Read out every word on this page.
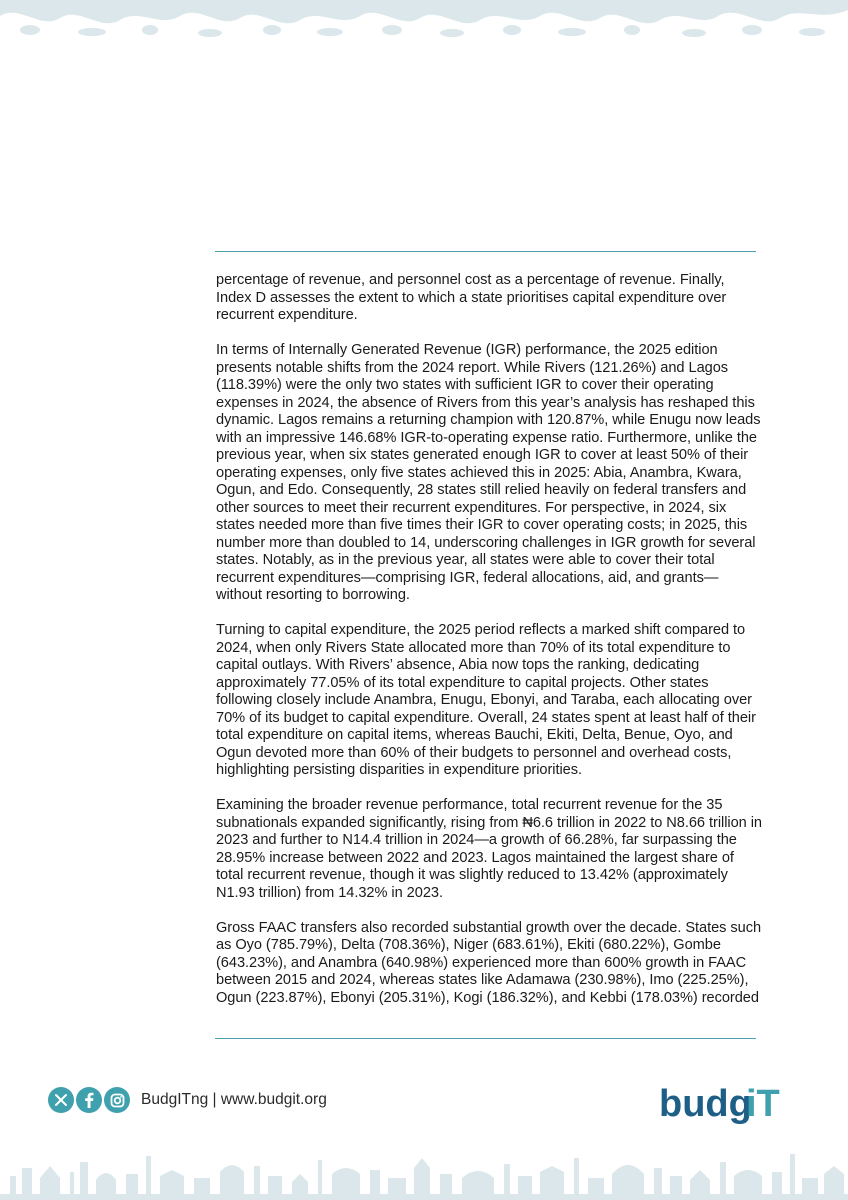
percentage of revenue, and personnel cost as a percentage of revenue. Finally, Index D assesses the extent to which a state prioritises capital expenditure over recurrent expenditure.

In terms of Internally Generated Revenue (IGR) performance, the 2025 edition presents notable shifts from the 2024 report. While Rivers (121.26%) and Lagos (118.39%) were the only two states with sufficient IGR to cover their operating expenses in 2024, the absence of Rivers from this year’s analysis has reshaped this dynamic. Lagos remains a returning champion with 120.87%, while Enugu now leads with an impressive 146.68% IGR-to-operating expense ratio. Furthermore, unlike the previous year, when six states generated enough IGR to cover at least 50% of their operating expenses, only five states achieved this in 2025: Abia, Anambra, Kwara, Ogun, and Edo. Consequently, 28 states still relied heavily on federal transfers and other sources to meet their recurrent expenditures. For perspective, in 2024, six states needed more than five times their IGR to cover operating costs; in 2025, this number more than doubled to 14, underscoring challenges in IGR growth for several states. Notably, as in the previous year, all states were able to cover their total recurrent expenditures—comprising IGR, federal allocations, aid, and grants—without resorting to borrowing.

Turning to capital expenditure, the 2025 period reflects a marked shift compared to 2024, when only Rivers State allocated more than 70% of its total expenditure to capital outlays. With Rivers’ absence, Abia now tops the ranking, dedicating approximately 77.05% of its total expenditure to capital projects. Other states following closely include Anambra, Enugu, Ebonyi, and Taraba, each allocating over 70% of its budget to capital expenditure. Overall, 24 states spent at least half of their total expenditure on capital items, whereas Bauchi, Ekiti, Delta, Benue, Oyo, and Ogun devoted more than 60% of their budgets to personnel and overhead costs, highlighting persisting disparities in expenditure priorities.

Examining the broader revenue performance, total recurrent revenue for the 35 subnationals expanded significantly, rising from ₦6.6 trillion in 2022 to N8.66 trillion in 2023 and further to N14.4 trillion in 2024—a growth of 66.28%, far surpassing the 28.95% increase between 2022 and 2023. Lagos maintained the largest share of total recurrent revenue, though it was slightly reduced to 13.42% (approximately N1.93 trillion) from 14.32% in 2023.

Gross FAAC transfers also recorded substantial growth over the decade. States such as Oyo (785.79%), Delta (708.36%), Niger (683.61%), Ekiti (680.22%), Gombe (643.23%), and Anambra (640.98%) experienced more than 600% growth in FAAC between 2015 and 2024, whereas states like Adamawa (230.98%), Imo (225.25%), Ogun (223.87%), Ebonyi (205.31%), Kogi (186.32%), and Kebbi (178.03%) recorded

BudgITng | www.budgit.org	budg
iT
